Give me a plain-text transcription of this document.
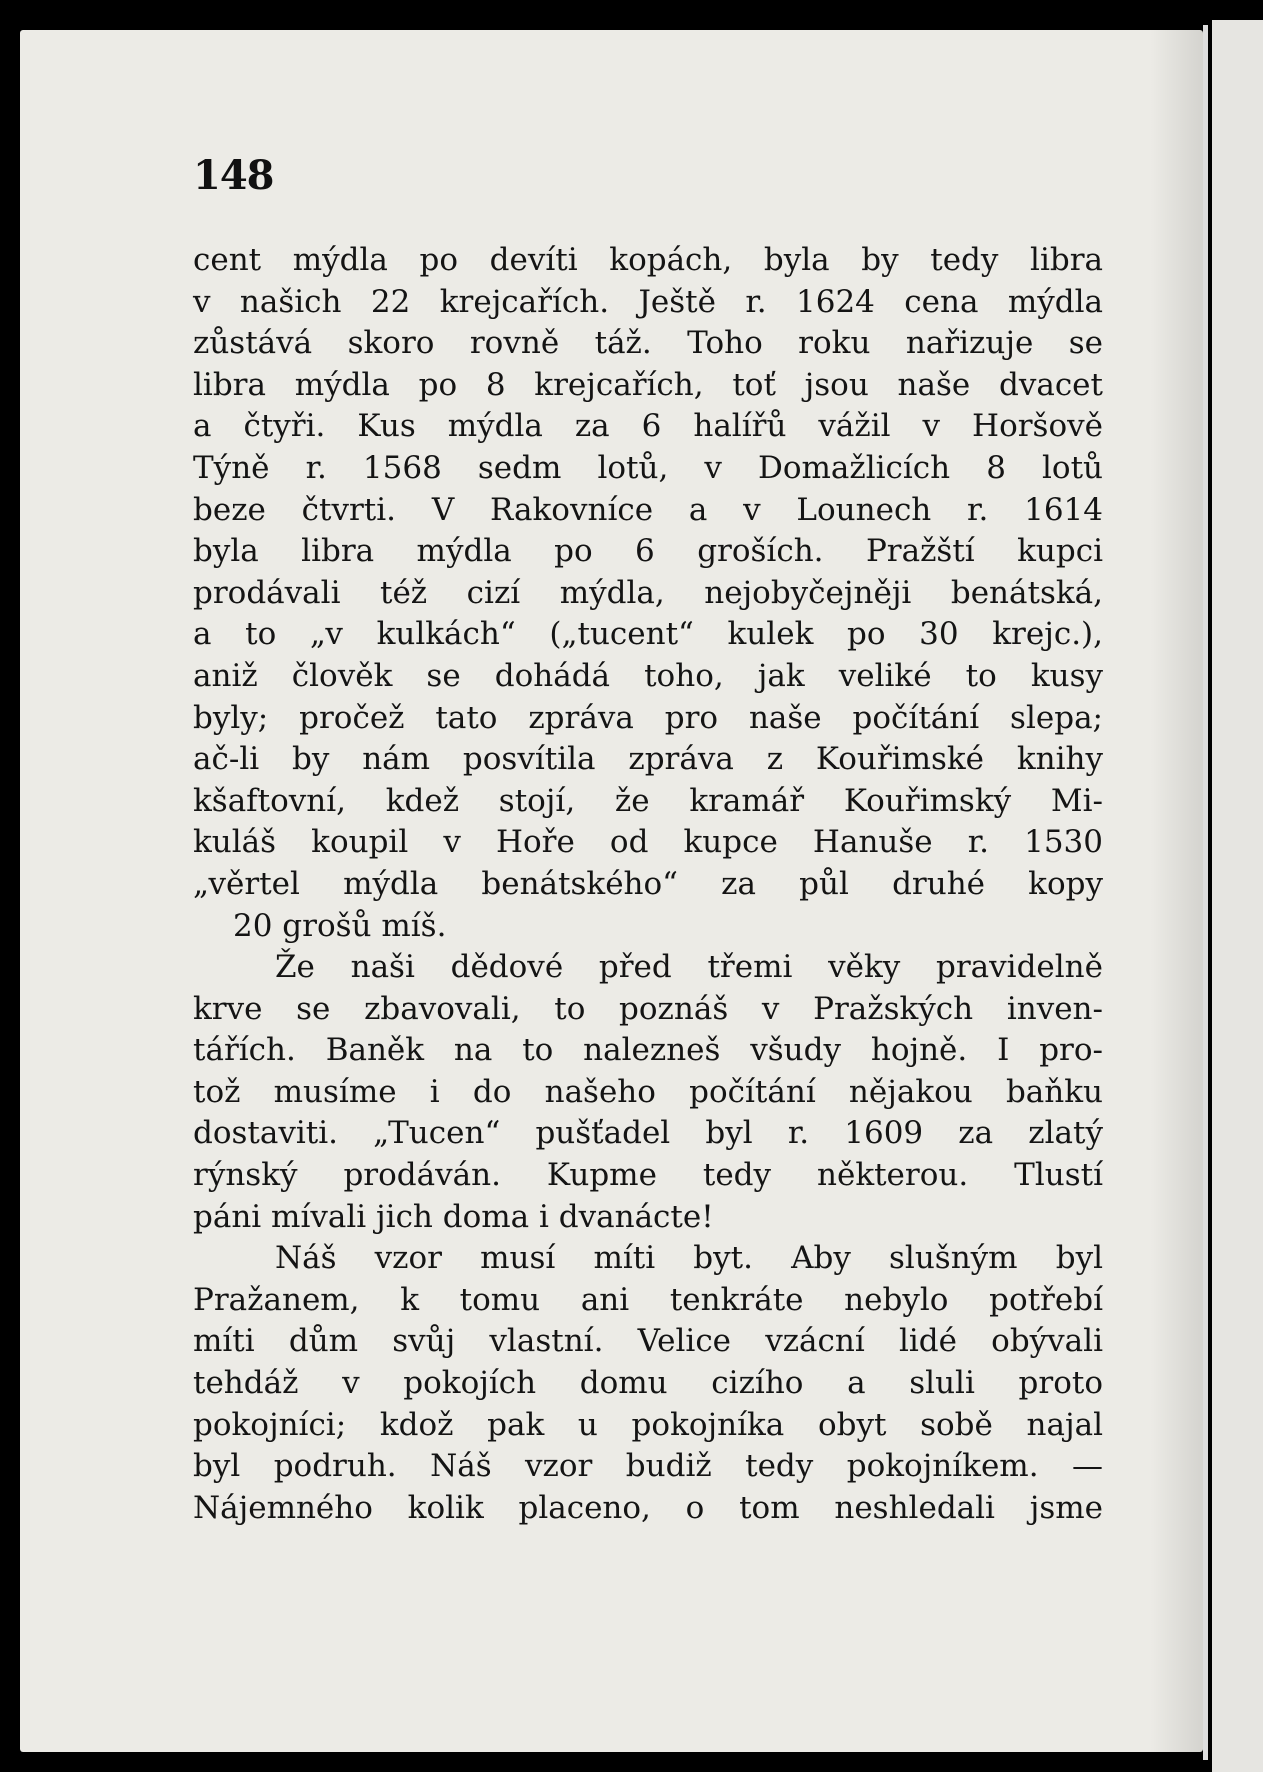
148
cent mýdla po devíti kopách, byla by tedy libra
v našich 22 krejcařích. Ještě r. 1624 cena mýdla
zůstává skoro rovně táž. Toho roku nařizuje se
libra mýdla po 8 krejcařích, toť jsou naše dvacet
a čtyři. Kus mýdla za 6 halířů vážil v Horšově
Týně r. 1568 sedm lotů, v Domažlicích 8 lotů
beze čtvrti. V Rakovníce a v Lounech r. 1614
byla libra mýdla po 6 groších. Pražští kupci
prodávali též cizí mýdla, nejobyčejněji benátská,
a to „v kulkách“ („tucent“ kulek po 30 krejc.),
aniž člověk se dohádá toho, jak veliké to kusy
byly; pročež tato zpráva pro naše počítání slepa;
ač-li by nám posvítila zpráva z Kouřimské knihy
kšaftovní, kdež stojí, že kramář Kouřimský Mi-
kuláš koupil v Hoře od kupce Hanuše r. 1530
„věrtel mýdla benátského“ za půl druhé kopy
20 grošů míš.
Že naši dědové před třemi věky pravidelně
krve se zbavovali, to poznáš v Pražských inven-
tářích. Baněk na to nalezneš všudy hojně. I pro-
tož musíme i do našeho počítání nějakou baňku
dostaviti. „Tucen“ pušťadel byl r. 1609 za zlatý
rýnský prodáván. Kupme tedy některou. Tlustí
páni mívali jich doma i dvanácte!
Náš vzor musí míti byt. Aby slušným byl
Pražanem, k tomu ani tenkráte nebylo potřebí
míti dům svůj vlastní. Velice vzácní lidé obývali
tehdáž v pokojích domu cizího a sluli proto
pokojníci; kdož pak u pokojníka obyt sobě najal
byl podruh. Náš vzor budiž tedy pokojníkem. —
Nájemného kolik placeno, o tom neshledali jsme
